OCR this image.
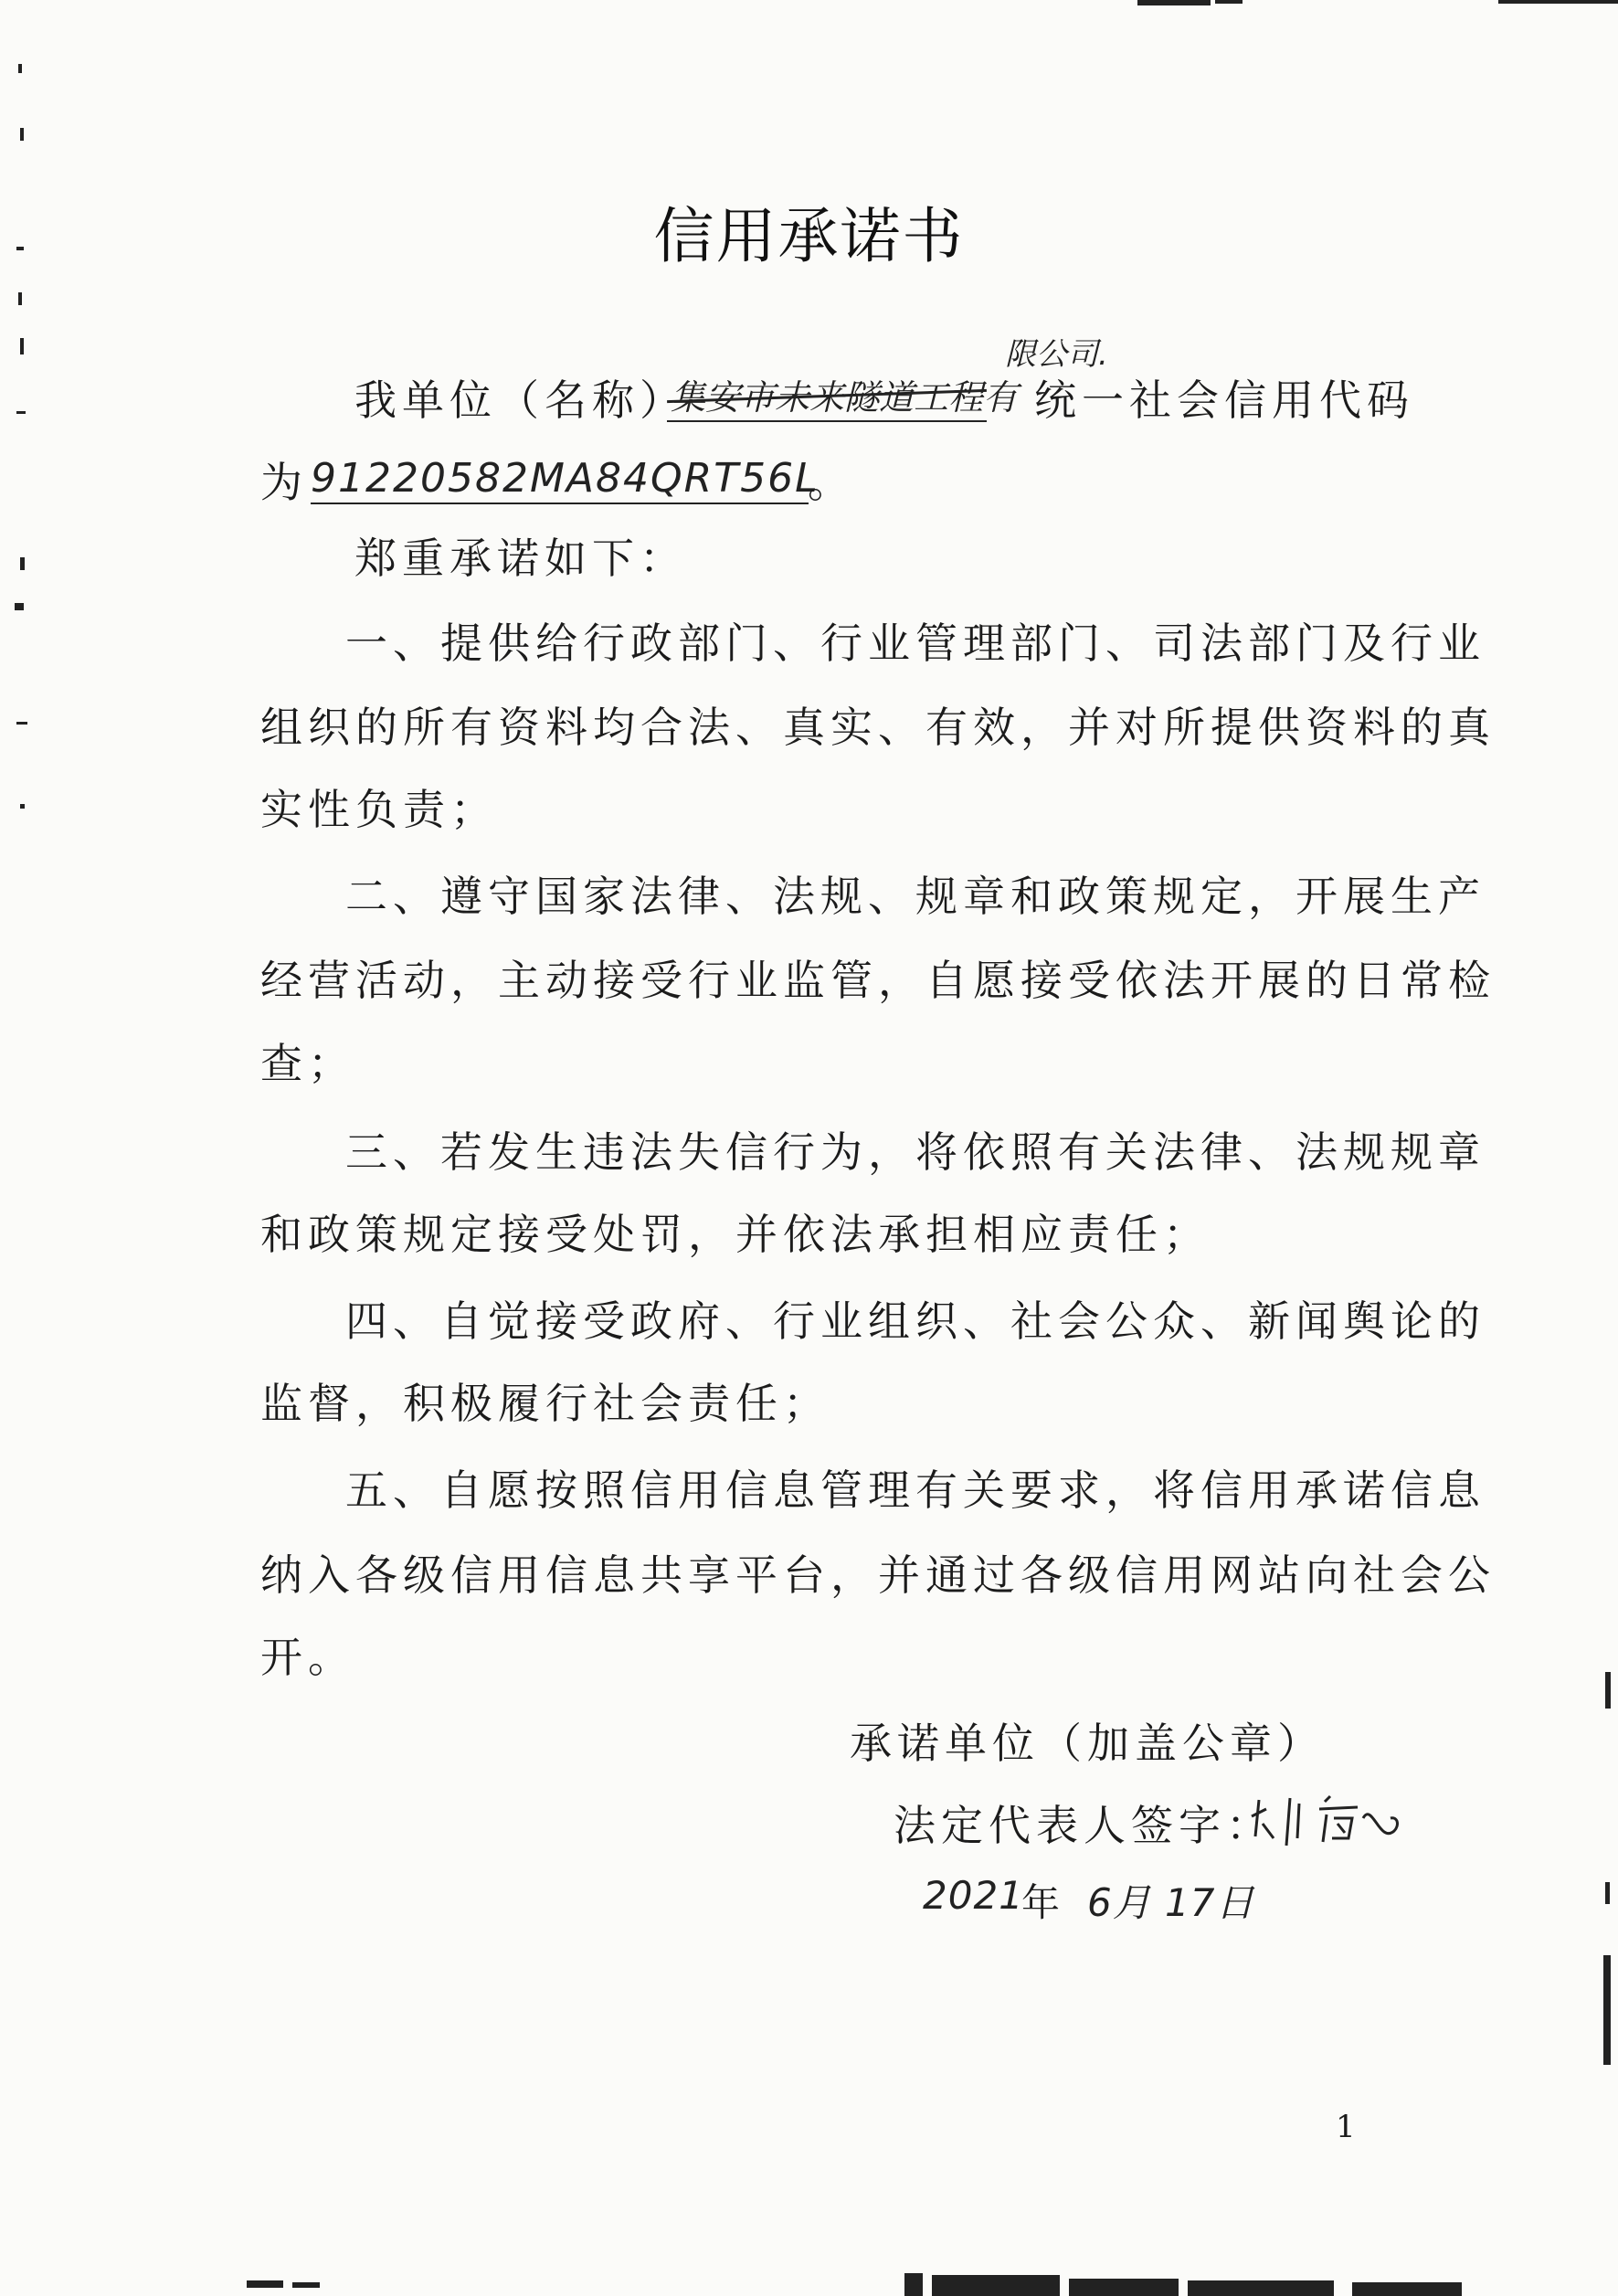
信用承诺书
我单位（名称）
集安市未来隧道工程有
限公司.
统一社会信用代码
为 91220582MA84QRT56L
。
郑重承诺如下：
一、提供给行政部门、行业管理部门、司法部门及行业
组织的所有资料均合法、真实、有效，并对所提供资料的真
实性负责；
二、遵守国家法律、法规、规章和政策规定，开展生产
经营活动，主动接受行业监管，自愿接受依法开展的日常检
查；
三、若发生违法失信行为，将依照有关法律、法规规章
和政策规定接受处罚，并依法承担相应责任；
四、自觉接受政府、行业组织、社会公众、新闻舆论的
监督，积极履行社会责任；
五、自愿按照信用信息管理有关要求，将信用承诺信息
纳入各级信用信息共享平台，并通过各级信用网站向社会公
开。
承诺单位（加盖公章）
法定代表人签字：
2021
年 6月 17日
1
